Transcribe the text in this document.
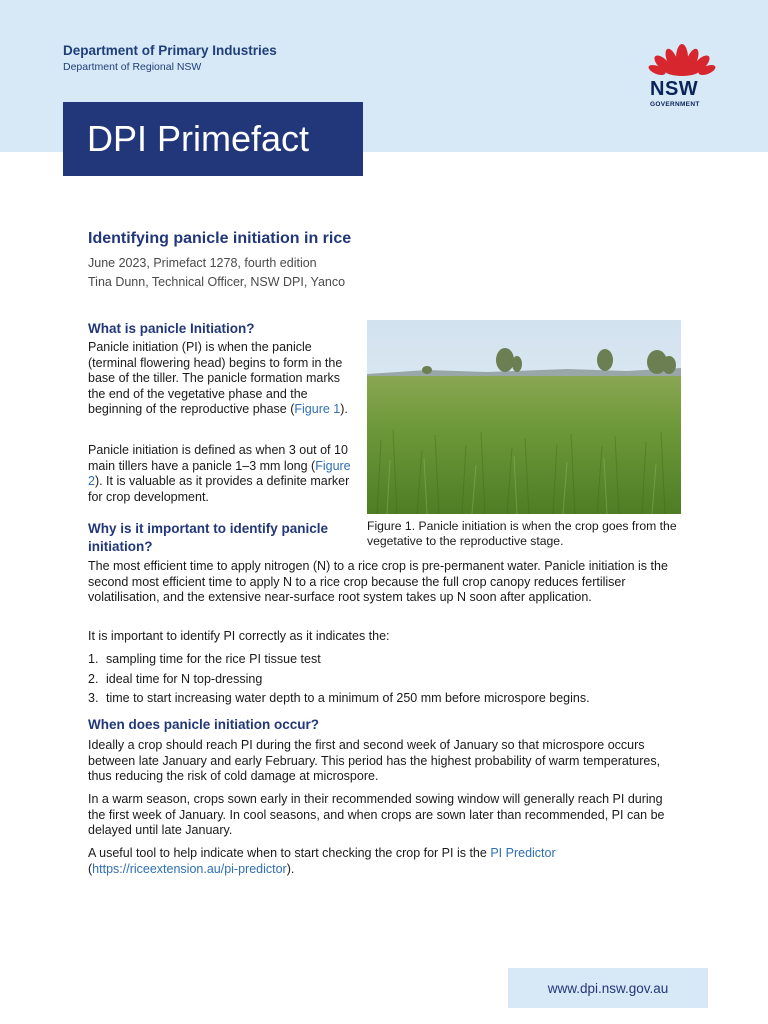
Department of Primary Industries
Department of Regional NSW
NSW
GOVERNMENT
DPI Primefact
Identifying panicle initiation in rice
June 2023, Primefact 1278, fourth edition
Tina Dunn, Technical Officer, NSW DPI, Yanco
What is panicle Initiation?

Panicle initiation (PI) is when the panicle (terminal flowering head) begins to form in the base of the tiller. The panicle formation marks the end of the vegetative phase and the beginning of the reproductive phase (Figure 1).

Panicle initiation is defined as when 3 out of 10 main tillers have a panicle 1–3 mm long (Figure 2). It is valuable as it provides a definite marker for crop development.

Figure 1. Panicle initiation is when the crop goes from the vegetative to the reproductive stage.
Why is it important to identify panicle initiation?

The most efficient time to apply nitrogen (N) to a rice crop is pre-permanent water. Panicle initiation is the second most efficient time to apply N to a rice crop because the full crop canopy reduces fertiliser volatilisation, and the extensive near-surface root system takes up N soon after application.

It is important to identify PI correctly as it indicates the:

1. sampling time for the rice PI tissue test
2. ideal time for N top-dressing
3. time to start increasing water depth to a minimum of 250 mm before microspore begins.
When does panicle initiation occur?

Ideally a crop should reach PI during the first and second week of January so that microspore occurs between late January and early February. This period has the highest probability of warm temperatures, thus reducing the risk of cold damage at microspore.

In a warm season, crops sown early in their recommended sowing window will generally reach PI during the first week of January. In cool seasons, and when crops are sown later than recommended, PI can be delayed until late January.

A useful tool to help indicate when to start checking the crop for PI is the PI Predictor
(https://riceextension.au/pi-predictor).

www.dpi.nsw.gov.au
